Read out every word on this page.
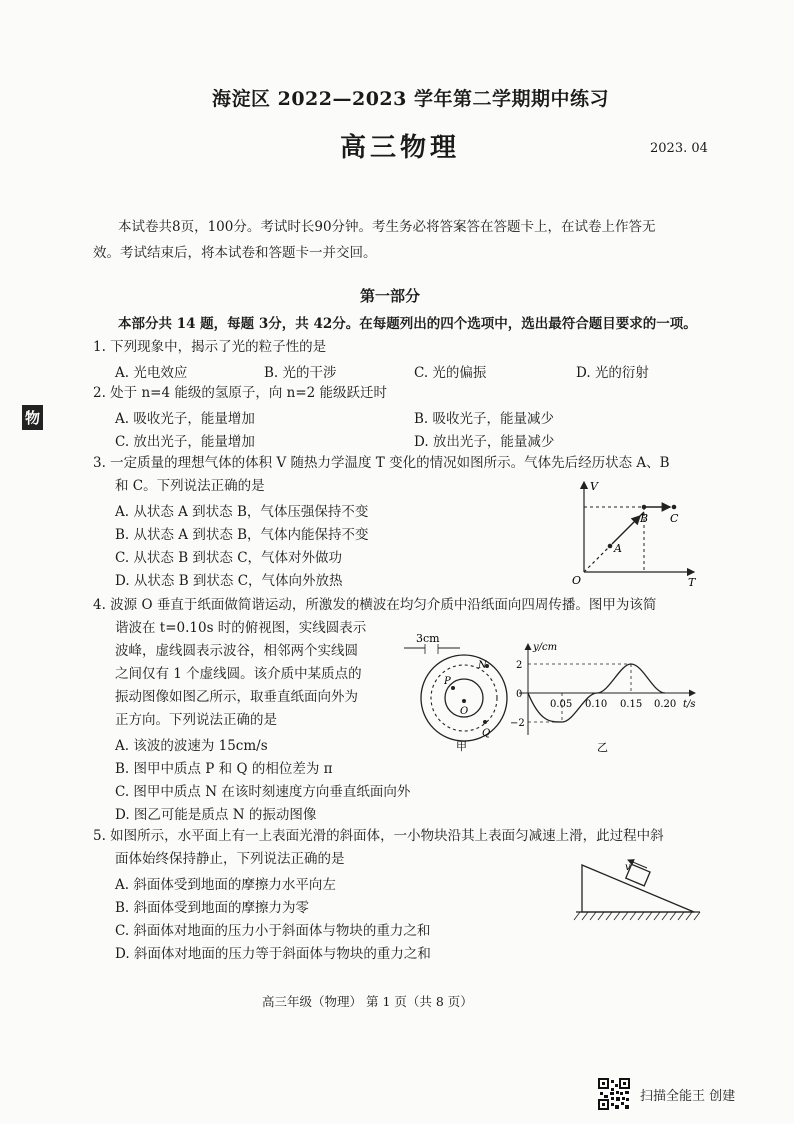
海淀区 2022—2023 学年第二学期期中练习
高三物理	2023. 04
本试卷共8页，100分。考试时长90分钟。考生务必将答案答在答题卡上，在试卷上作答无
效。考试结束后，将本试卷和答题卡一并交回。
物
第一部分
本部分共 14 题，每题 3分，共 42分。在每题列出的四个选项中，选出最符合题目要求的一项。
1. 下列现象中，揭示了光的粒子性的是
A. 光电效应	B. 光的干涉	C. 光的偏振	D. 光的衍射
2. 处于 n=4 能级的氢原子，向 n=2 能级跃迁时
A. 吸收光子，能量增加	B. 吸收光子，能量减少
C. 放出光子，能量增加	D. 放出光子，能量减少
3. 一定质量的理想气体的体积 V 随热力学温度 T 变化的情况如图所示。气体先后经历状态 A、B
和 C。下列说法正确的是
A. 从状态 A 到状态 B，气体压强保持不变
B. 从状态 A 到状态 B，气体内能保持不变
C. 从状态 B 到状态 C，气体对外做功
D. 从状态 B 到状态 C，气体向外放热
V
T
O
A
B C
4. 波源 O 垂直于纸面做简谐运动，所激发的横波在均匀介质中沿纸面向四周传播。图甲为该简
谐波在 t=0.10s 时的俯视图，实线圆表示
波峰，虚线圆表示波谷，相邻两个实线圆
之间仅有 1 个虚线圆。该介质中某质点的
振动图像如图乙所示，取垂直纸面向外为
正方向。下列说法正确的是
A. 该波的波速为 15cm/s
B. 图甲中质点 P 和 Q 的相位差为 π
C. 图甲中质点 N 在该时刻速度方向垂直纸面向外
D. 图乙可能是质点 N 的振动图像
3cm
P
N
O
Q
甲
y/cm
t/s
2
0
−2
0.05 0.10 0.15 0.20
乙
5. 如图所示，水平面上有一上表面光滑的斜面体，一小物块沿其上表面匀减速上滑，此过程中斜
面体始终保持静止，下列说法正确的是
A. 斜面体受到地面的摩擦力水平向左
B. 斜面体受到地面的摩擦力为零
C. 斜面体对地面的压力小于斜面体与物块的重力之和
D. 斜面体对地面的压力等于斜面体与物块的重力之和
v
高三年级（物理） 第 1 页（共 8 页）
扫描全能王 创建
